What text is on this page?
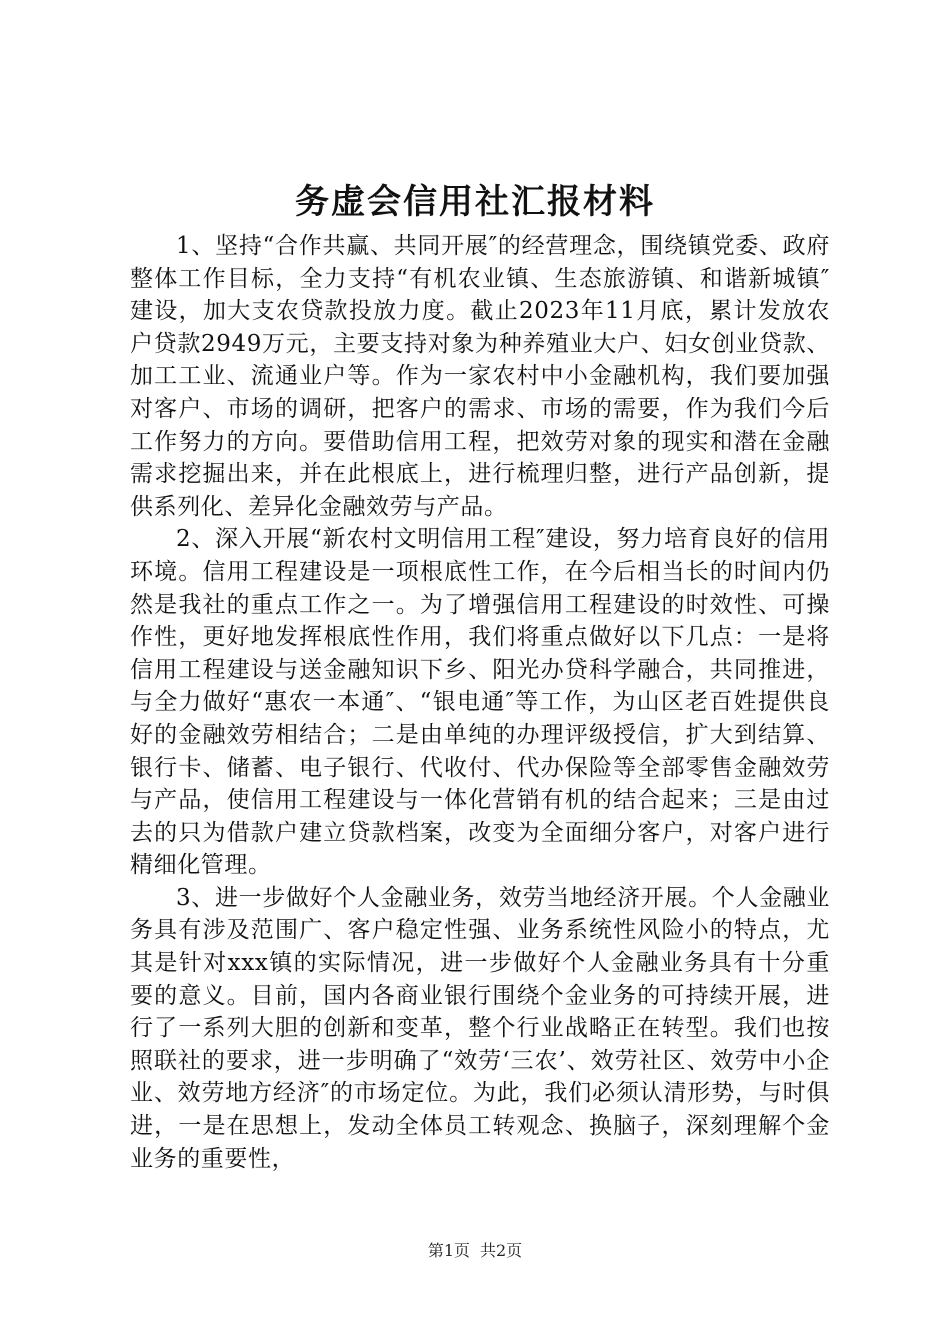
务虚会信用社汇报材料

1、坚持“合作共赢、共同开展″的经营理念，围绕镇党委、政府整体工作目标，全力支持“有机农业镇、生态旅游镇、和谐新城镇″建设，加大支农贷款投放力度。截止2023年11月底，累计发放农户贷款2949万元，主要支持对象为种养殖业大户、妇女创业贷款、加工工业、流通业户等。作为一家农村中小金融机构，我们要加强对客户、市场的调研，把客户的需求、市场的需要，作为我们今后工作努力的方向。要借助信用工程，把效劳对象的现实和潜在金融需求挖掘出来，并在此根底上，进行梳理归整，进行产品创新，提供系列化、差异化金融效劳与产品。

2、深入开展“新农村文明信用工程″建设，努力培育良好的信用环境。信用工程建设是一项根底性工作，在今后相当长的时间内仍然是我社的重点工作之一。为了增强信用工程建设的时效性、可操作性，更好地发挥根底性作用，我们将重点做好以下几点：一是将信用工程建设与送金融知识下乡、阳光办贷科学融合，共同推进，与全力做好“惠农一本通″、“银电通″等工作，为山区老百姓提供良好的金融效劳相结合；二是由单纯的办理评级授信，扩大到结算、银行卡、储蓄、电子银行、代收付、代办保险等全部零售金融效劳与产品，使信用工程建设与一体化营销有机的结合起来；三是由过去的只为借款户建立贷款档案，改变为全面细分客户，对客户进行精细化管理。

3、进一步做好个人金融业务，效劳当地经济开展。个人金融业务具有涉及范围广、客户稳定性强、业务系统性风险小的特点，尤其是针对xxx镇的实际情况，进一步做好个人金融业务具有十分重要的意义。目前，国内各商业银行围绕个金业务的可持续开展，进行了一系列大胆的创新和变革，整个行业战略正在转型。我们也按照联社的要求，进一步明确了“效劳‘三农’、效劳社区、效劳中小企业、效劳地方经济″的市场定位。为此，我们必须认清形势，与时俱进，一是在思想上，发动全体员工转观念、换脑子，深刻理解个金业务的重要性，

第1页 共2页
